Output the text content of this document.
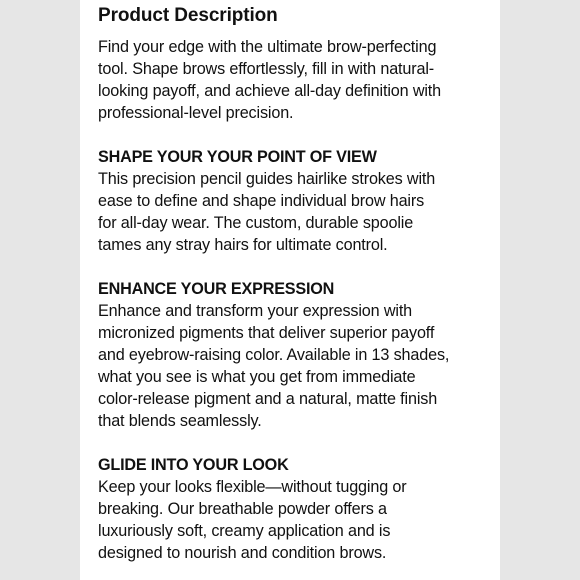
Product Description

Find your edge with the ultimate brow-perfecting
tool. Shape brows effortlessly, fill in with natural-
looking payoff, and achieve all-day definition with
professional-level precision.

SHAPE YOUR YOUR POINT OF VIEW

This precision pencil guides hairlike strokes with
ease to define and shape individual brow hairs
for all-day wear. The custom, durable spoolie
tames any stray hairs for ultimate control.

ENHANCE YOUR EXPRESSION

Enhance and transform your expression with
micronized pigments that deliver superior payoff
and eyebrow-raising color. Available in 13 shades,
what you see is what you get from immediate
color-release pigment and a natural, matte finish
that blends seamlessly.

GLIDE INTO YOUR LOOK

Keep your looks flexible—without tugging or
breaking. Our breathable powder offers a
luxuriously soft, creamy application and is
designed to nourish and condition brows.
